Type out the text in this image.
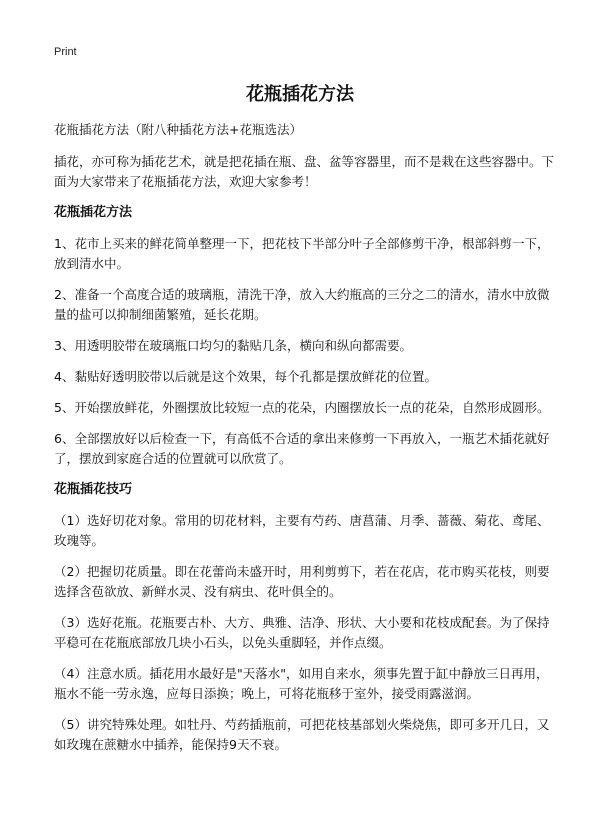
Print
花瓶插花方法

花瓶插花方法（附八种插花方法+花瓶选法）

插花，亦可称为插花艺术，就是把花插在瓶、盘、盆等容器里，而不是栽在这些容器中。下面为大家带来了花瓶插花方法，欢迎大家参考！

花瓶插花方法

1、花市上买来的鲜花简单整理一下，把花枝下半部分叶子全部修剪干净，根部斜剪一下，放到清水中。

2、准备一个高度合适的玻璃瓶，清洗干净，放入大约瓶高的三分之二的清水，清水中放微量的盐可以抑制细菌繁殖，延长花期。

3、用透明胶带在玻璃瓶口均匀的黏贴几条，横向和纵向都需要。

4、黏贴好透明胶带以后就是这个效果，每个孔都是摆放鲜花的位置。

5、开始摆放鲜花，外圈摆放比较短一点的花朵，内圈摆放长一点的花朵，自然形成圆形。

6、全部摆放好以后检查一下，有高低不合适的拿出来修剪一下再放入，一瓶艺术插花就好了，摆放到家庭合适的位置就可以欣赏了。

花瓶插花技巧

（1）选好切花对象。常用的切花材料，主要有芍药、唐菖蒲、月季、蔷薇、菊花、鸢尾、玫瑰等。

（2）把握切花质量。即在花蕾尚未盛开时，用利剪剪下，若在花店，花市购买花枝，则要选择含苞欲放、新鲜水灵、没有病虫、花叶俱全的。

（3）选好花瓶。花瓶要古朴、大方、典雅、洁净、形状、大小要和花枝成配套。为了保持平稳可在花瓶底部放几块小石头，以免头重脚轻，并作点缀。

（4）注意水质。插花用水最好是"天落水"，如用自来水，须事先置于缸中静放三日再用，瓶水不能一劳永逸，应每日添换；晚上，可将花瓶移于室外，接受雨露滋润。

（5）讲究特殊处理。如牡丹、芍药插瓶前，可把花枝基部划火柴烧焦，即可多开几日，又如玫瑰在蔗糖水中插养，能保持9天不衰。
